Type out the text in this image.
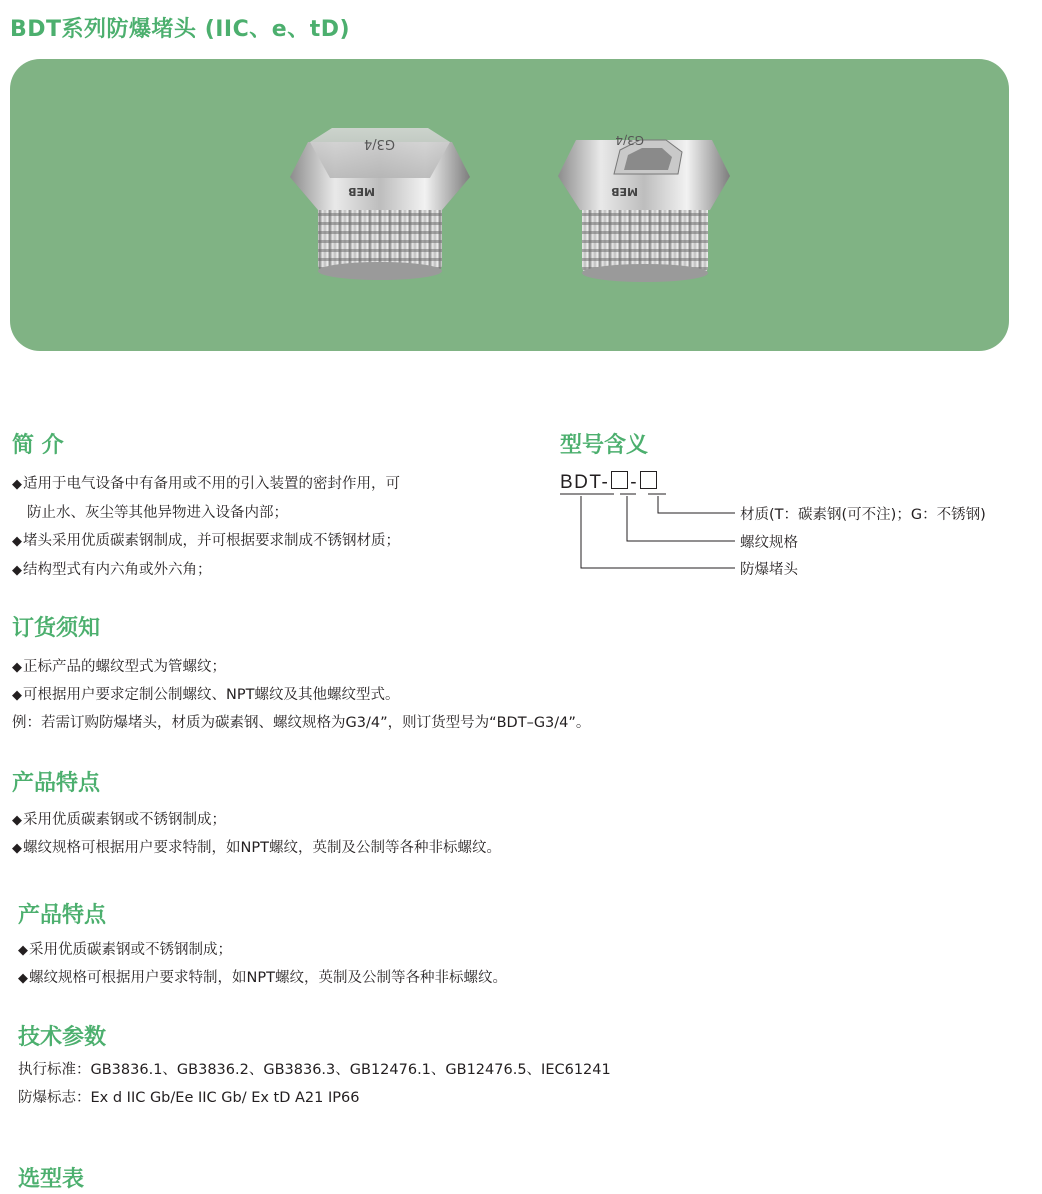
BDT系列防爆堵头 (IIC、e、tD)
G3/4
MEB
G3/4
MEB
简 介
◆ 适用于电气设备中有备用或不用的引入装置的密封作用，可
防止水、灰尘等其他异物进入设备内部；
◆ 堵头采用优质碳素钢制成，并可根据要求制成不锈钢材质；
◆ 结构型式有内六角或外六角；
型号含义
BDT- -
材质(T：碳素钢(可不注)；G：不锈钢)
螺纹规格
防爆堵头
订货须知
◆ 正标产品的螺纹型式为管螺纹；
◆ 可根据用户要求定制公制螺纹、NPT螺纹及其他螺纹型式。
例：若需订购防爆堵头，材质为碳素钢、螺纹规格为G3/4”，则订货型号为“BDT–G3/4”。
产品特点
◆ 采用优质碳素钢或不锈钢制成；
◆ 螺纹规格可根据用户要求特制，如NPT螺纹，英制及公制等各种非标螺纹。
产品特点
◆ 采用优质碳素钢或不锈钢制成；
◆ 螺纹规格可根据用户要求特制，如NPT螺纹，英制及公制等各种非标螺纹。
技术参数
执行标准：GB3836.1、GB3836.2、GB3836.3、GB12476.1、GB12476.5、IEC61241
防爆标志：Ex d IIC Gb/Ee IIC Gb/ Ex tD A21 IP66
选型表
